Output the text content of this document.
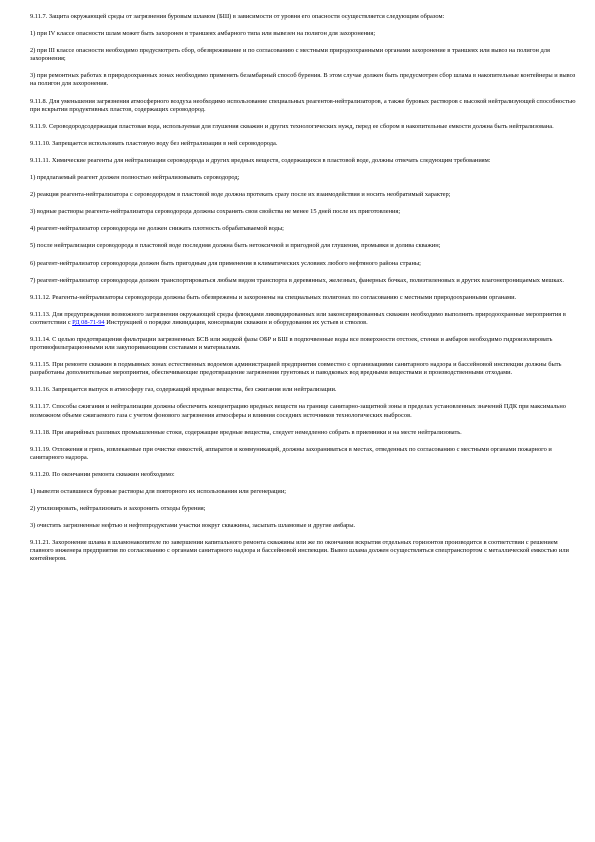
9.11.7. Защита окружающей среды от загрязнения буровым шламом (БШ) в зависимости от уровня его опасности осуществляется следующим образом:

1) при IV классе опасности шлам может быть захоронен в траншеях амбарного типа или вывезен на полигон для захоронения;

2) при III классе опасности необходимо предусмотреть сбор, обезвреживание и по согласованию с местными природоохранными органами захоронение в траншеях или вывоз на полигон для захоронения;

3) при ремонтных работах в природоохранных зонах необходимо применять безамбарный способ бурения. В этом случае должен быть предусмотрен сбор шлама в накопительные контейнеры и вывоз на полигон для захоронения.

9.11.8. Для уменьшения загрязнения атмосферного воздуха необходимо использование специальных реагентов-нейтрализаторов, а также буровых растворов с высокой нейтрализующей способностью при вскрытии продуктивных пластов, содержащих сероводород.

9.11.9. Сероводородсодержащая пластовая вода, используемая для глушения скважин и других технологических нужд, перед ее сбором в накопительные емкости должна быть нейтрализована.

9.11.10. Запрещается использовать пластовую воду без нейтрализации в ней сероводорода.

9.11.11. Химические реагенты для нейтрализации сероводорода и других вредных веществ, содержащихся в пластовой воде, должны отвечать следующим требованиям:

1) предлагаемый реагент должен полностью нейтрализовывать сероводород;

2) реакция реагента-нейтрализатора с сероводородом в пластовой воде должна протекать сразу после их взаимодействия и носить необратимый характер;

3) водные растворы реагента-нейтрализатора сероводорода должны сохранять свои свойства не менее 15 дней после их приготовления;

4) реагент-нейтрализатор сероводорода не должен снижать плотность обрабатываемой воды;

5) после нейтрализации сероводорода в пластовой воде последняя должна быть нетоксичной и пригодной для глушения, промывки и долива скважин;

6) реагент-нейтрализатор сероводорода должен быть пригодным для применения в климатических условиях любого нефтяного района страны;

7) реагент-нейтрализатор сероводорода должен транспортироваться любым видом транспорта в деревянных, железных, фанерных бочках, полиэтиленовых и других влагонепроницаемых мешках.

9.11.12. Реагенты-нейтрализаторы сероводорода должны быть обезврежены и захоронены на специальных полигонах по согласованию с местными природоохранными органами.

9.11.13. Для предупреждения возможного загрязнения окружающей среды флюидами ликвидированных или законсервированных скважин необходимо выполнять природоохранные мероприятия в соответствии с РД 08-71-94 Инструкцией о порядке ликвидации, консервации скважин и оборудования их устьев и стволов.

9.11.14. С целью предотвращения фильтрации загрязненных БСВ или жидкой фазы ОБР и БШ в подпочвенные воды все поверхности отстоек, стенки и амбаров необходимо гидроизолировать противофильтрационными или закупоривающими составами и материалами.

9.11.15. При ремонте скважин в подмывных зонах естественных водоемов администрацией предприятия совместно с организациями санитарного надзора и бассейновой инспекции должны быть разработаны дополнительные мероприятия, обеспечивающие предотвращение загрязнения грунтовых и паводковых вод вредными веществами и производственными отходами.

9.11.16. Запрещается выпуск в атмосферу газ, содержащий вредные вещества, без сжигания или нейтрализации.

9.11.17. Способы сжигания и нейтрализации должны обеспечить концентрацию вредных веществ на границе санитарно-защитной зоны в пределах установленных значений ПДК при максимально возможном объеме сжигаемого газа с учетом фонового загрязнения атмосферы и влияния соседних источников технологических выбросов.

9.11.18. При аварийных разливах промышленные стоки, содержащие вредные вещества, следует немедленно собрать в приемники и на месте нейтрализовать.

9.11.19. Отложения и грязь, извлекаемые при очистке емкостей, аппаратов и коммуникаций, должны захораниваться в местах, отведенных по согласованию с местными органами пожарного и санитарного надзора.

9.11.20. По окончании ремонта скважин необходимо:

1) вывезти оставшиеся буровые растворы для повторного их использования или регенерации;

2) утилизировать, нейтрализовать и захоронить отходы бурения;

3) очистить загрязненные нефтью и нефтепродуктами участки вокруг скважины, засыпать шламовые и другие амбары.

9.11.21. Захоронение шлама в шламонакопителе по завершении капитального ремонта скважины или же по окончании вскрытия отдельных горизонтов производится в соответствии с решением главного инженера предприятия по согласованию с органами санитарного надзора и бассейновой инспекции. Вывоз шлама должен осуществляться спецтранспортом с металлической емкостью или контейнером.
